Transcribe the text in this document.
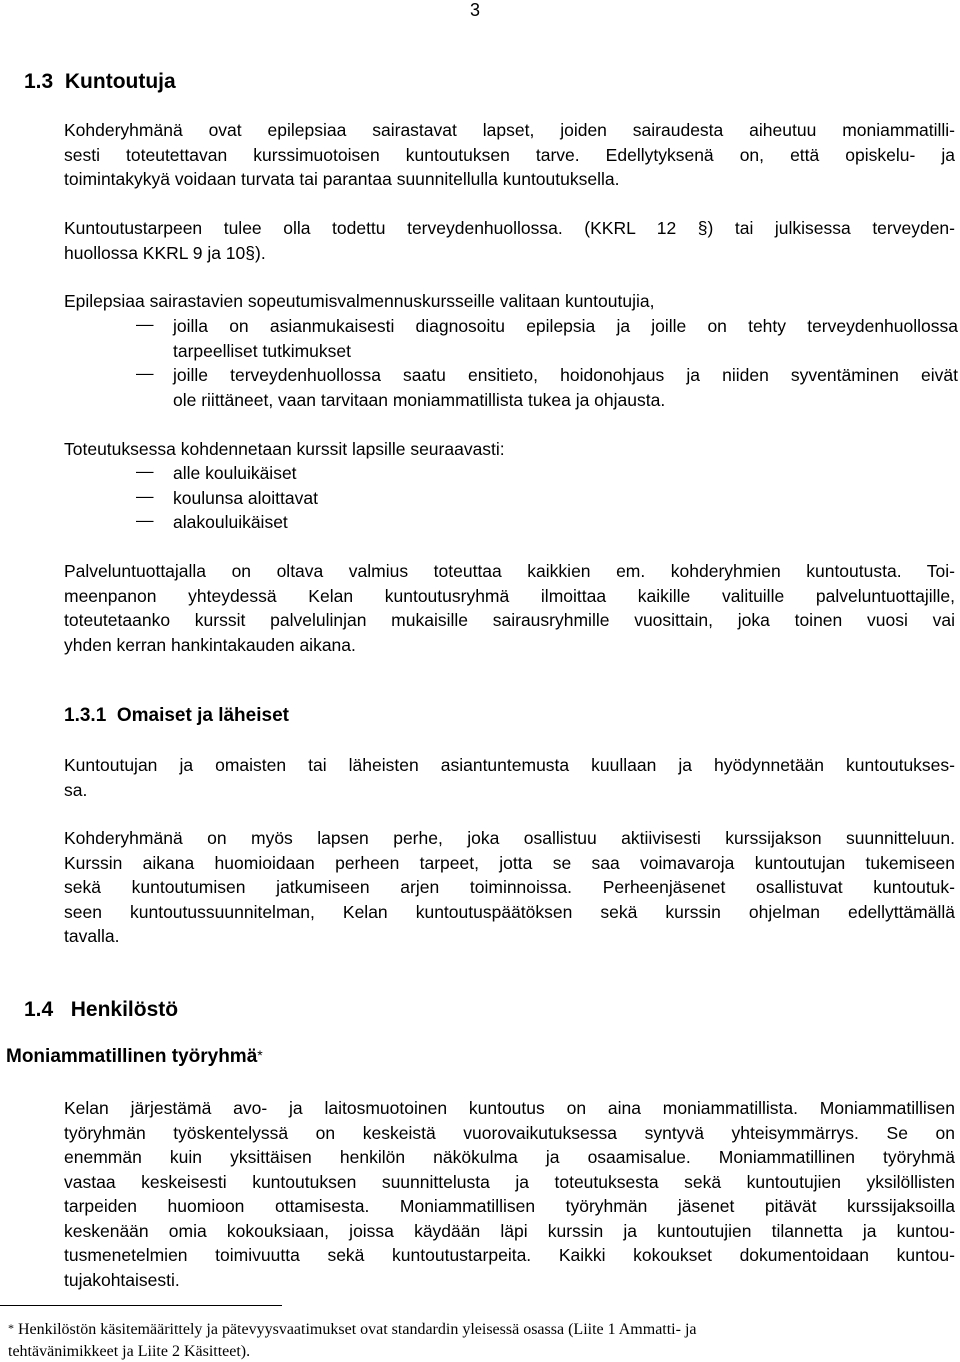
3
1.3 Kuntoutuja
Kohderyhmänä ovat epilepsiaa sairastavat lapset, joiden sairaudesta aiheutuu moniammatilli-
sesti toteutettavan kurssimuotoisen kuntoutuksen tarve. Edellytyksenä on, että opiskelu- ja
toimintakykyä voidaan turvata tai parantaa suunnitellulla kuntoutuksella.
Kuntoutustarpeen tulee olla todettu terveydenhuollossa. (KKRL 12 §) tai julkisessa terveyden-
huollossa KKRL 9 ja 10§).
Epilepsiaa sairastavien sopeutumisvalmennuskursseille valitaan kuntoutujia,
— joilla on asianmukaisesti diagnosoitu epilepsia ja joille on tehty terveydenhuollossa
tarpeelliset tutkimukset
— joille terveydenhuollossa saatu ensitieto, hoidonohjaus ja niiden syventäminen eivät
ole riittäneet, vaan tarvitaan moniammatillista tukea ja ohjausta.
Toteutuksessa kohdennetaan kurssit lapsille seuraavasti:
— alle kouluikäiset
— koulunsa aloittavat
— alakouluikäiset
Palveluntuottajalla on oltava valmius toteuttaa kaikkien em. kohderyhmien kuntoutusta. Toi-
meenpanon yhteydessä Kelan kuntoutusryhmä ilmoittaa kaikille valituille palveluntuottajille,
toteutetaanko kurssit palvelulinjan mukaisille sairausryhmille vuosittain, joka toinen vuosi vai
yhden kerran hankintakauden aikana.
1.3.1 Omaiset ja läheiset
Kuntoutujan ja omaisten tai läheisten asiantuntemusta kuullaan ja hyödynnetään kuntoutukses-
sa.
Kohderyhmänä on myös lapsen perhe, joka osallistuu aktiivisesti kurssijakson suunnitteluun.
Kurssin aikana huomioidaan perheen tarpeet, jotta se saa voimavaroja kuntoutujan tukemiseen
sekä kuntoutumisen jatkumiseen arjen toiminnoissa. Perheenjäsenet osallistuvat kuntoutuk-
seen kuntoutussuunnitelman, Kelan kuntoutuspäätöksen sekä kurssin ohjelman edellyttämällä
tavalla.
1.4 Henkilöstö
Moniammatillinen työryhmä*
Kelan järjestämä avo- ja laitosmuotoinen kuntoutus on aina moniammatillista. Moniammatillisen
työryhmän työskentelyssä on keskeistä vuorovaikutuksessa syntyvä yhteisymmärrys. Se on
enemmän kuin yksittäisen henkilön näkökulma ja osaamisalue. Moniammatillinen työryhmä
vastaa keskeisesti kuntoutuksen suunnittelusta ja toteutuksesta sekä kuntoutujien yksilöllisten
tarpeiden huomioon ottamisesta. Moniammatillisen työryhmän jäsenet pitävät kurssijaksoilla
keskenään omia kokouksiaan, joissa käydään läpi kurssin ja kuntoutujien tilannetta ja kuntou-
tusmenetelmien toimivuutta sekä kuntoutustarpeita. Kaikki kokoukset dokumentoidaan kuntou-
tujakohtaisesti.
* Henkilöstön käsitemäärittely ja pätevyysvaatimukset ovat standardin yleisessä osassa (Liite 1 Ammatti- ja
tehtävänimikkeet ja Liite 2 Käsitteet).
